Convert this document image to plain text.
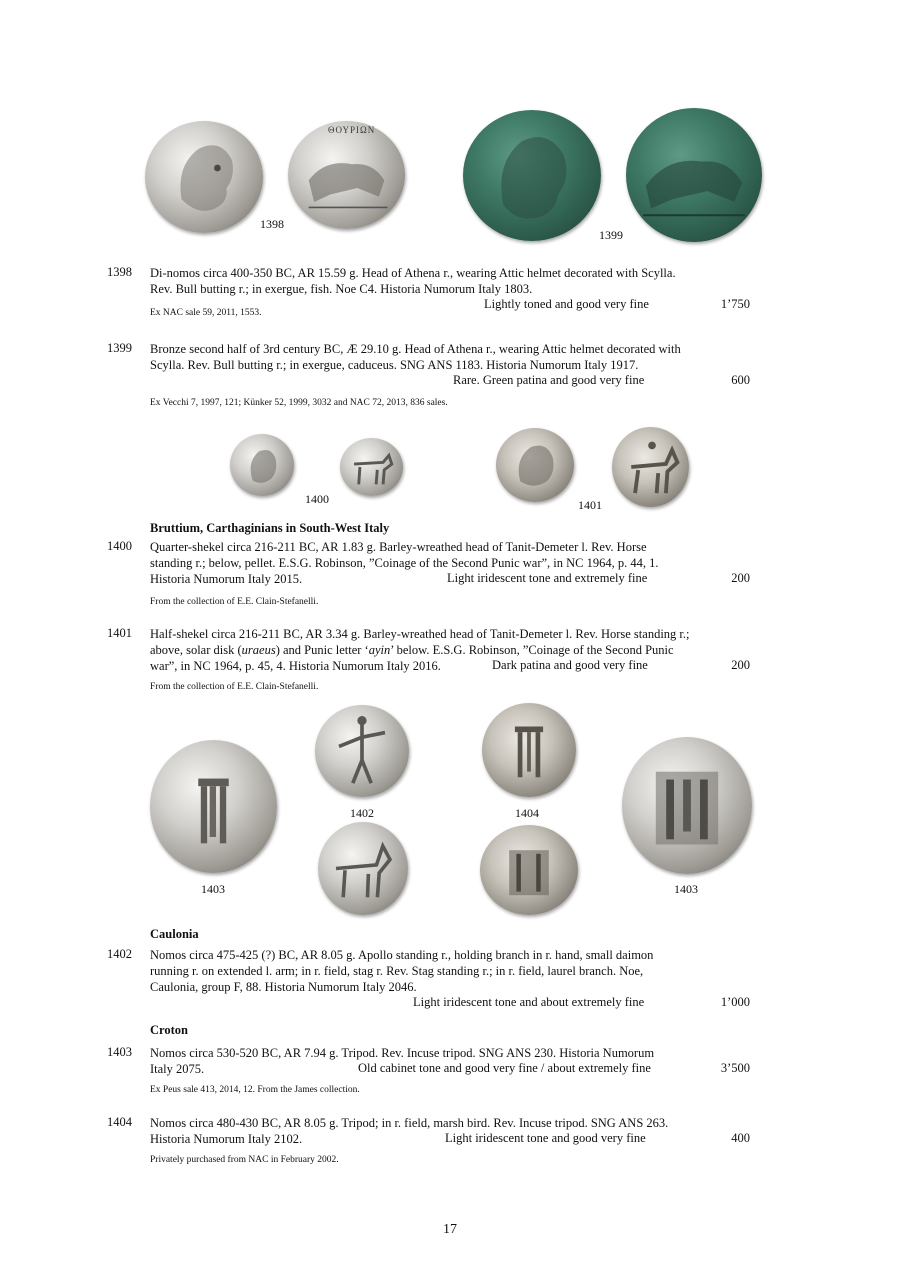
ΘΟΥΡΙΩΝ
1398
1399
1398 Di-nomos circa 400-350 BC, AR 15.59 g. Head of Athena r., wearing Attic helmet decorated with Scylla.

Rev. Bull butting r.; in exergue, fish. Noe C4. Historia Numorum Italy 1803.

Lightly toned and good very fine	1’750
Ex NAC sale 59, 2011, 1553.
1399 Bronze second half of 3rd century BC, Æ 29.10 g. Head of Athena r., wearing Attic helmet decorated with

Scylla. Rev. Bull butting r.; in exergue, caduceus. SNG ANS 1183. Historia Numorum Italy 1917.

Rare. Green patina and good very fine	600
Ex Vecchi 7, 1997, 121; Künker 52, 1999, 3032 and NAC 72, 2013, 836 sales.
1400	1401
Bruttium, Carthaginians in South-West Italy
1400 Quarter-shekel circa 216-211 BC, AR 1.83 g. Barley-wreathed head of Tanit-Demeter l. Rev. Horse

standing r.; below, pellet. E.S.G. Robinson, ”Coinage of the Second Punic war”, in NC 1964, p. 44, 1.

Historia Numorum Italy 2015.	Light iridescent tone and extremely fine	200
From the collection of E.E. Clain-Stefanelli.
1401 Half-shekel circa 216-211 BC, AR 3.34 g. Barley-wreathed head of Tanit-Demeter l. Rev. Horse standing r.;

above, solar disk (uraeus) and Punic letter ‘ayin’ below. E.S.G. Robinson, ”Coinage of the Second Punic

war”, in NC 1964, p. 45, 4. Historia Numorum Italy 2016.	Dark patina and good very fine	200
From the collection of E.E. Clain-Stefanelli.
1403
1402	1404
1403
Caulonia
1402 Nomos circa 475-425 (?) BC, AR 8.05 g. Apollo standing r., holding branch in r. hand, small daimon

running r. on extended l. arm; in r. field, stag r. Rev. Stag standing r.; in r. field, laurel branch. Noe,

Caulonia, group F, 88. Historia Numorum Italy 2046.

Light iridescent tone and about extremely fine	1’000
Croton
1403 Nomos circa 530-520 BC, AR 7.94 g. Tripod. Rev. Incuse tripod. SNG ANS 230. Historia Numorum

Italy 2075.	Old cabinet tone and good very fine / about extremely fine	3’500
Ex Peus sale 413, 2014, 12. From the James collection.
1404 Nomos circa 480-430 BC, AR 8.05 g. Tripod; in r. field, marsh bird. Rev. Incuse tripod. SNG ANS 263.

Historia Numorum Italy 2102.	Light iridescent tone and good very fine	400
Privately purchased from NAC in February 2002.
17
